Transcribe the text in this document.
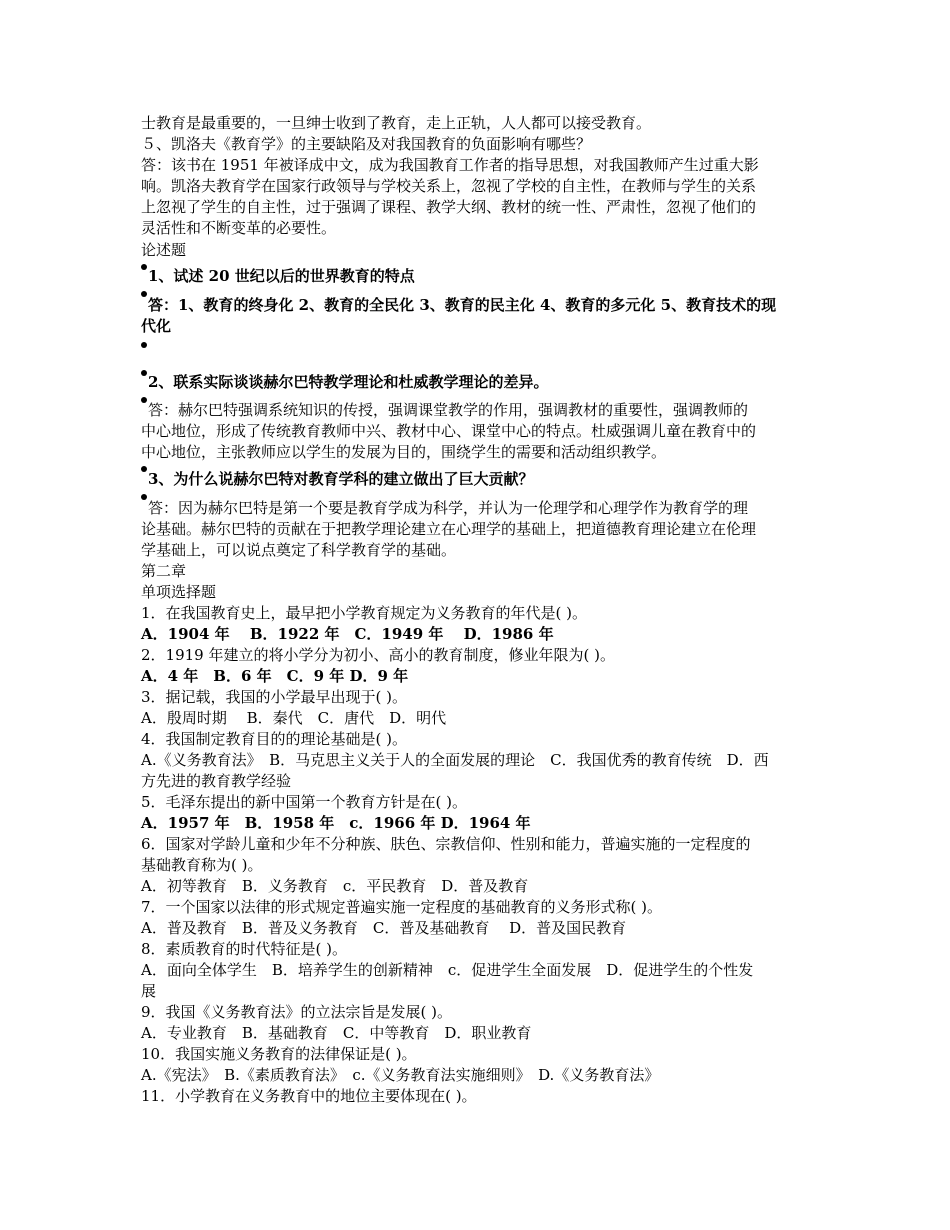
士教育是最重要的，一旦绅士收到了教育，走上正轨，人人都可以接受教育。
５、凯洛夫《教育学》的主要缺陷及对我国教育的负面影响有哪些？
答：该书在 1951 年被译成中文，成为我国教育工作者的指导思想，对我国教师产生过重大影
响。凯洛夫教育学在国家行政领导与学校关系上，忽视了学校的自主性，在教师与学生的关系
上忽视了学生的自主性，过于强调了课程、教学大纲、教材的统一性、严肃性，忽视了他们的
灵活性和不断变革的必要性。
论述题
1、试述 20 世纪以后的世界教育的特点
答：1、教育的终身化 2、教育的全民化 3、教育的民主化 4、教育的多元化 5、教育技术的现
代化
2、联系实际谈谈赫尔巴特教学理论和杜威教学理论的差异。
答：赫尔巴特强调系统知识的传授，强调课堂教学的作用，强调教材的重要性，强调教师的
中心地位，形成了传统教育教师中兴、教材中心、课堂中心的特点。杜威强调儿童在教育中的
中心地位，主张教师应以学生的发展为目的，围绕学生的需要和活动组织教学。
3、为什么说赫尔巴特对教育学科的建立做出了巨大贡献？
答：因为赫尔巴特是第一个要是教育学成为科学，并认为一伦理学和心理学作为教育学的理
论基础。赫尔巴特的贡献在于把教学理论建立在心理学的基础上，把道德教育理论建立在伦理
学基础上，可以说点奠定了科学教育学的基础。
第二章
单项选择题
1．在我国教育史上，最早把小学教育规定为义务教育的年代是( )。
A．1904 年　 B．1922 年　C．1949 年　 D．1986 年
2．1919 年建立的将小学分为初小、高小的教育制度，修业年限为( )。
A．4 年　B．6 年　C．9 年 D．9 年
3．据记载，我国的小学最早出现于( )。
A．殷周时期　 B．秦代　C．唐代　D．明代
4．我国制定教育目的的理论基础是( )。
A.《义务教育法》　B．马克思主义关于人的全面发展的理论　C．我国优秀的教育传统　D．西
方先进的教育教学经验
5．毛泽东提出的新中国第一个教育方针是在( )。
A．1957 年　B．1958 年　c．1966 年 D．1964 年
6．国家对学龄儿童和少年不分种族、肤色、宗教信仰、性别和能力，普遍实施的一定程度的
基础教育称为( )。
A．初等教育　B．义务教育　c．平民教育　D．普及教育
7．一个国家以法律的形式规定普遍实施一定程度的基础教育的义务形式称( )。
A．普及教育　B．普及义务教育　C．普及基础教育　 D．普及国民教育
8．素质教育的时代特征是( )。
A．面向全体学生　B．培养学生的创新精神　c．促进学生全面发展　D．促进学生的个性发
展
9．我国《义务教育法》的立法宗旨是发展( )。
A．专业教育　B．基础教育　C．中等教育　D．职业教育
10．我国实施义务教育的法律保证是( )。
A.《宪法》　B.《素质教育法》　c.《义务教育法实施细则》　D.《义务教育法》
11．小学教育在义务教育中的地位主要体现在( )。
